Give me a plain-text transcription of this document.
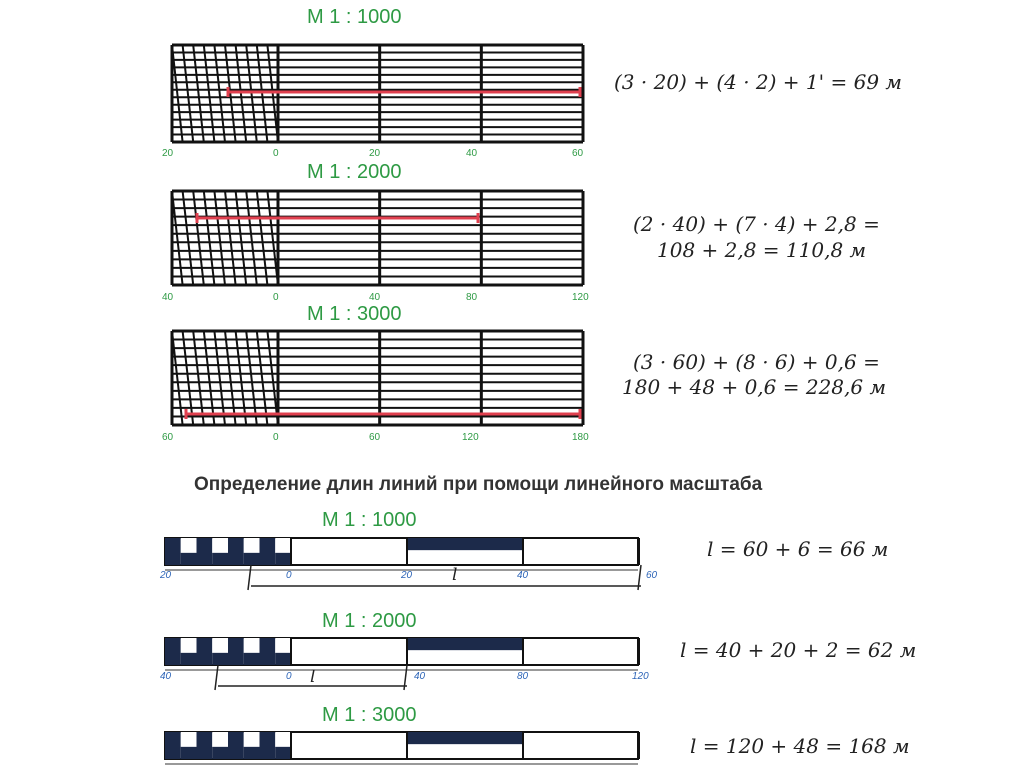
М 1 : 1000
20	0	20	40	60
(3 · 20) + (4 · 2) + 1' = 69 м
М 1 : 2000
40	0	40	80	120
(2 · 40) + (7 · 4) + 2,8 =
108 + 2,8 = 110,8 м
М 1 : 3000
60	0	60	120	180
(3 · 60) + (8 · 6) + 0,6 =
180 + 48 + 0,6 = 228,6 м
Определение длин линий при помощи линейного масштаба
М 1 : 1000
20	0	20	40	60
l
l = 60 + 6 = 66 м
М 1 : 2000
40	0	40	80	120
l
l = 40 + 20 + 2 = 62 м
М 1 : 3000
l = 120 + 48 = 168 м
